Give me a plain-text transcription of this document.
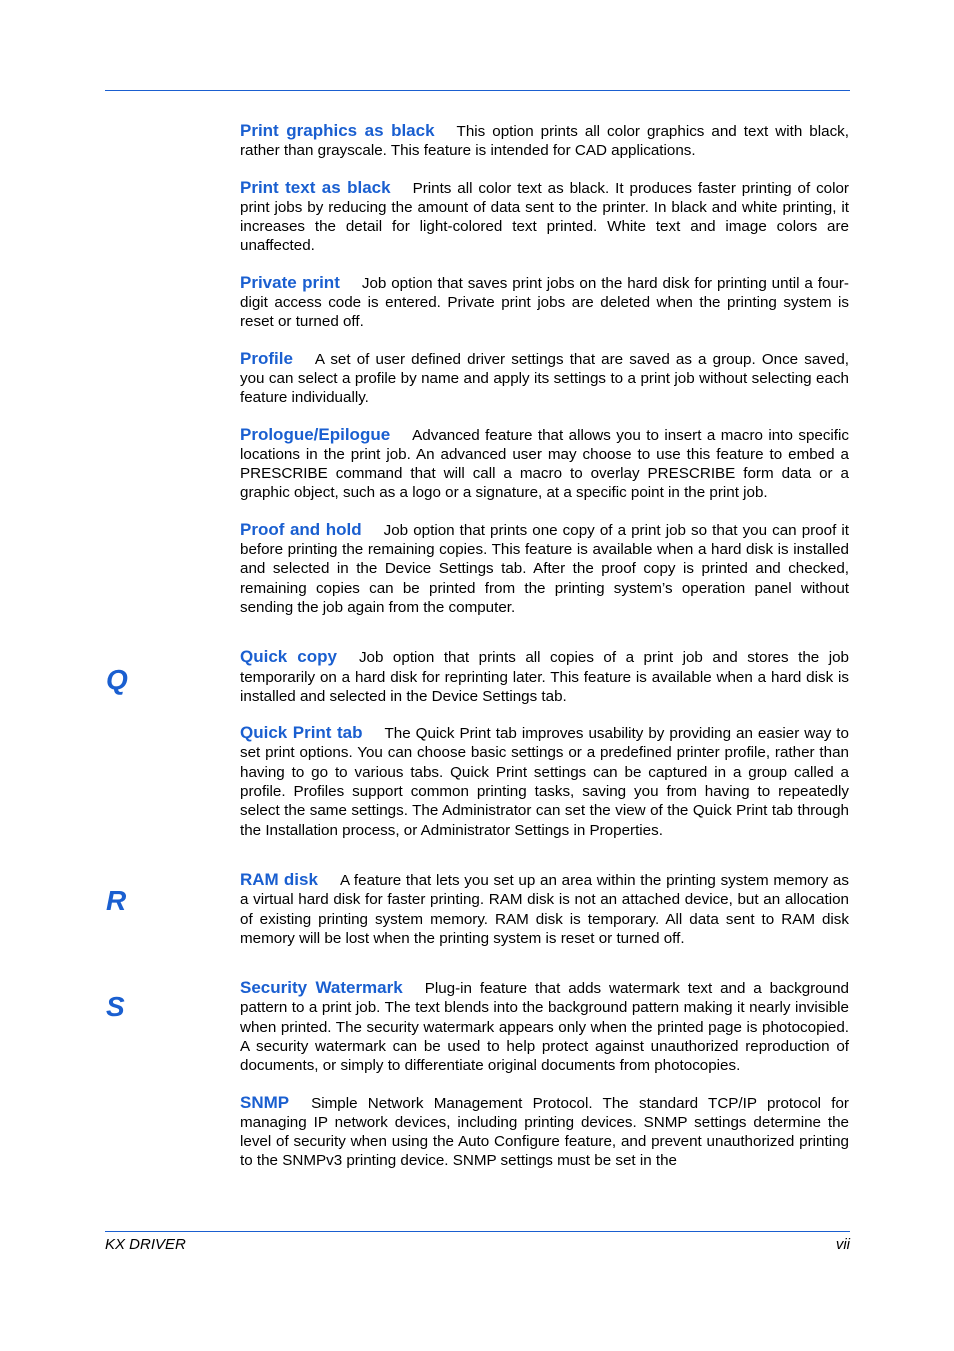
Q
R
S

Print graphics as black This option prints all color graphics and text with black, rather than grayscale. This feature is intended for CAD applications.

Print text as black Prints all color text as black. It produces faster printing of color print jobs by reducing the amount of data sent to the printer. In black and white printing, it increases the detail for light-colored text printed. White text and image colors are unaffected.

Private print Job option that saves print jobs on the hard disk for printing until a four-digit access code is entered. Private print jobs are deleted when the printing system is reset or turned off.

Profile A set of user defined driver settings that are saved as a group. Once saved, you can select a profile by name and apply its settings to a print job without selecting each feature individually.

Prologue/Epilogue Advanced feature that allows you to insert a macro into specific locations in the print job. An advanced user may choose to use this feature to embed a PRESCRIBE command that will call a macro to overlay PRESCRIBE form data or a graphic object, such as a logo or a signature, at a specific point in the print job.

Proof and hold Job option that prints one copy of a print job so that you can proof it before printing the remaining copies. This feature is available when a hard disk is installed and selected in the Device Settings tab. After the proof copy is printed and checked, remaining copies can be printed from the printing system’s operation panel without sending the job again from the computer.

Quick copy Job option that prints all copies of a print job and stores the job temporarily on a hard disk for reprinting later. This feature is available when a hard disk is installed and selected in the Device Settings tab.

Quick Print tab The Quick Print tab improves usability by providing an easier way to set print options. You can choose basic settings or a predefined printer profile, rather than having to go to various tabs. Quick Print settings can be captured in a group called a profile. Profiles support common printing tasks, saving you from having to repeatedly select the same settings. The Administrator can set the view of the Quick Print tab through the Installation process, or Administrator Settings in Properties.

RAM disk A feature that lets you set up an area within the printing system memory as a virtual hard disk for faster printing. RAM disk is not an attached device, but an allocation of existing printing system memory. RAM disk is temporary. All data sent to RAM disk memory will be lost when the printing system is reset or turned off.

Security Watermark Plug-in feature that adds watermark text and a background pattern to a print job. The text blends into the background pattern making it nearly invisible when printed. The security watermark appears only when the printed page is photocopied. A security watermark can be used to help protect against unauthorized reproduction of documents, or simply to differentiate original documents from photocopies.

SNMP Simple Network Management Protocol. The standard TCP/IP protocol for managing IP network devices, including printing devices. SNMP settings determine the level of security when using the Auto Configure feature, and prevent unauthorized printing to the SNMPv3 printing device. SNMP settings must be set in the

KX DRIVER	vii
